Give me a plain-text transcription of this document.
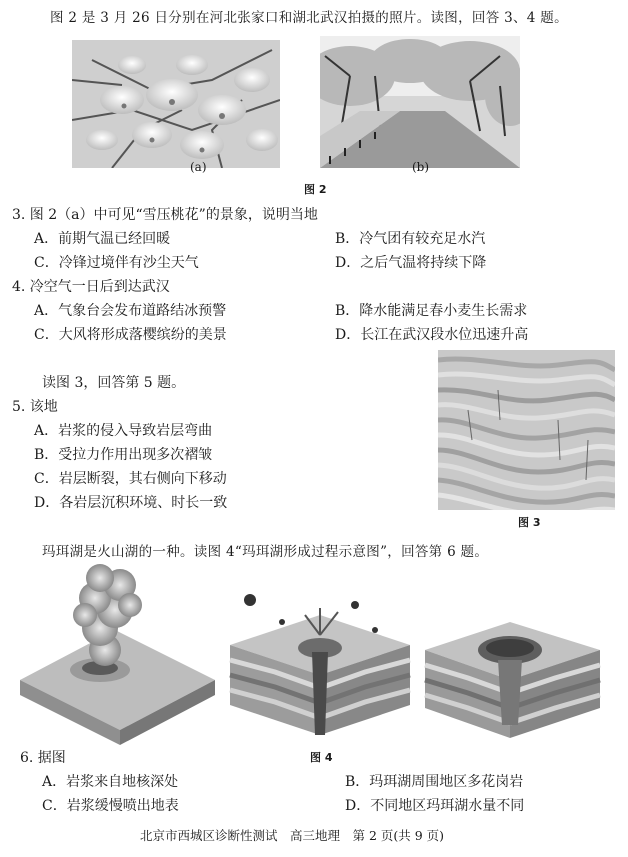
图 2 是 3 月 26 日分别在河北张家口和湖北武汉拍摄的照片。读图，回答 3、4 题。
(a)	(b)
图 2
3. 图 2（a）中可见“雪压桃花”的景象，说明当地
A．前期气温已经回暖	B．冷气团有较充足水汽
C．冷锋过境伴有沙尘天气	D．之后气温将持续下降
4. 冷空气一日后到达武汉
A．气象台会发布道路结冰预警	B．降水能满足春小麦生长需求
C．大风将形成落樱缤纷的美景	D．长江在武汉段水位迅速升高
读图 3，回答第 5 题。
5. 该地
A．岩浆的侵入导致岩层弯曲
B．受拉力作用出现多次褶皱
C．岩层断裂，其右侧向下移动
D．各岩层沉积环境、时长一致
图 3
玛珥湖是火山湖的一种。读图 4“玛珥湖形成过程示意图”，回答第 6 题。
6. 据图	图 4
A．岩浆来自地核深处	B．玛珥湖周围地区多花岗岩
C．岩浆缓慢喷出地表	D．不同地区玛珥湖水量不同
北京市西城区诊断性测试　高三地理　第 2 页(共 9 页)
